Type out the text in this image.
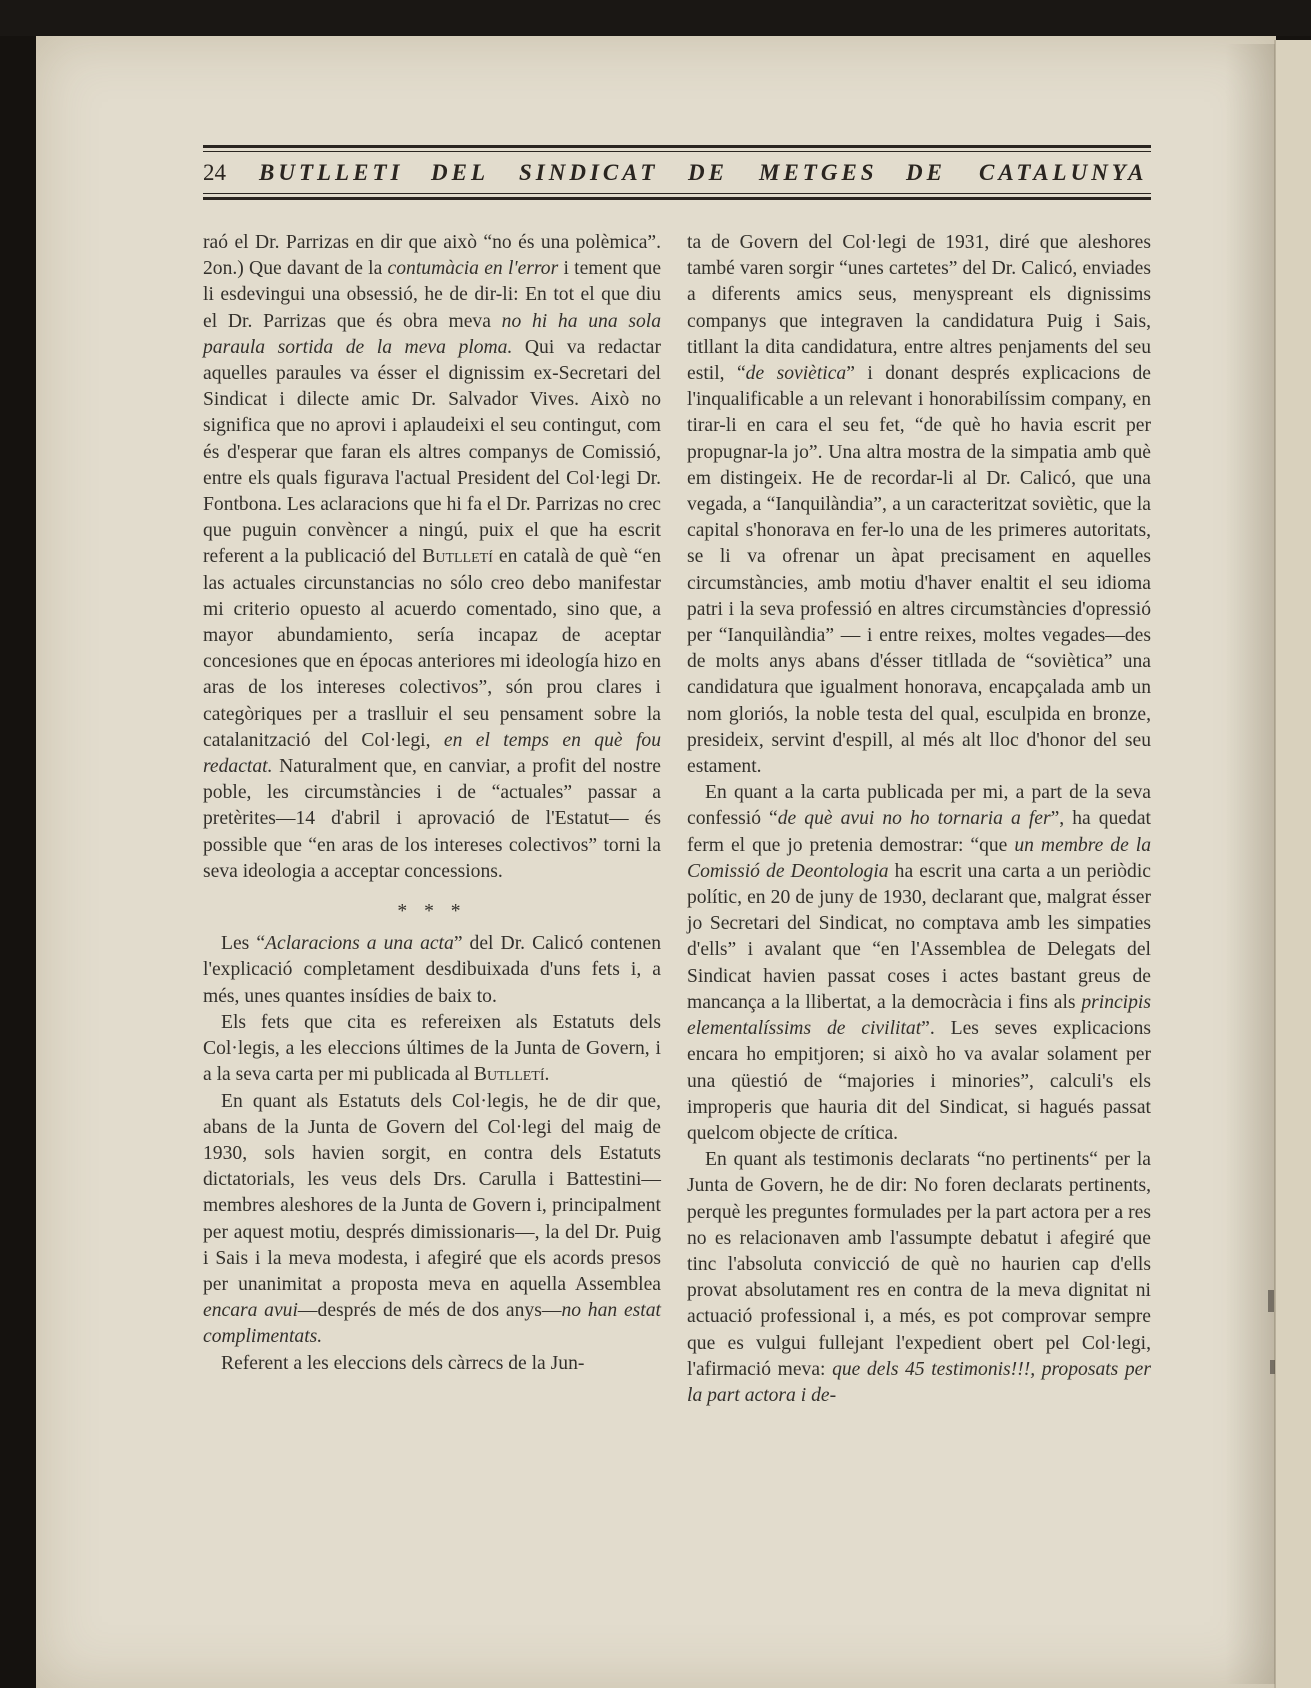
24 BUTLLETI DEL SINDICAT DE METGES DE CATALUNYA

raó el Dr. Parrizas en dir que això “no és una polèmica”. 2on.) Que davant de la contumàcia en l'error i tement que li esdevingui una obsessió, he de dir-li: En tot el que diu el Dr. Parrizas que és obra meva no hi ha una sola paraula sortida de la meva ploma. Qui va redactar aquelles paraules va ésser el dignissim ex-Secretari del Sindicat i dilecte amic Dr. Salvador Vives. Això no significa que no aprovi i aplaudeixi el seu contingut, com és d'esperar que faran els altres companys de Comissió, entre els quals figurava l'actual President del Col·legi Dr. Fontbona. Les aclaracions que hi fa el Dr. Parrizas no crec que puguin convèncer a ningú, puix el que ha escrit referent a la publicació del Butlletí en català de què “en las actuales circunstancias no sólo creo debo manifestar mi criterio opuesto al acuerdo comentado, sino que, a mayor abundamiento, sería incapaz de aceptar concesiones que en épocas anteriores mi ideología hizo en aras de los intereses colectivos”, són prou clares i categòriques per a traslluir el seu pensament sobre la catalanització del Col·legi, en el temps en què fou redactat. Naturalment que, en canviar, a profit del nostre poble, les circumstàncies i de “actuales” passar a pretèrites—14 d'abril i aprovació de l'Estatut— és possible que “en aras de los intereses colectivos” torni la seva ideologia a acceptar concessions.

* * *

Les “Aclaracions a una acta” del Dr. Calicó contenen l'explicació completament desdibuixada d'uns fets i, a més, unes quantes insídies de baix to.

Els fets que cita es refereixen als Estatuts dels Col·legis, a les eleccions últimes de la Junta de Govern, i a la seva carta per mi publicada al Butlletí.

En quant als Estatuts dels Col·legis, he de dir que, abans de la Junta de Govern del Col·legi del maig de 1930, sols havien sorgit, en contra dels Estatuts dictatorials, les veus dels Drs. Carulla i Battestini—membres aleshores de la Junta de Govern i, principalment per aquest motiu, després dimissionaris—, la del Dr. Puig i Sais i la meva modesta, i afegiré que els acords presos per unanimitat a proposta meva en aquella Assemblea encara avui—després de més de dos anys—no han estat complimentats.

Referent a les eleccions dels càrrecs de la Jun-

ta de Govern del Col·legi de 1931, diré que aleshores també varen sorgir “unes cartetes” del Dr. Calicó, enviades a diferents amics seus, menyspreant els dignissims companys que integraven la candidatura Puig i Sais, titllant la dita candidatura, entre altres penjaments del seu estil, “de soviètica” i donant després explicacions de l'inqualificable a un relevant i honorabilíssim company, en tirar-li en cara el seu fet, “de què ho havia escrit per propugnar-la jo”. Una altra mostra de la simpatia amb què em distingeix. He de recordar-li al Dr. Calicó, que una vegada, a “Ianquilàndia”, a un caracteritzat soviètic, que la capital s'honorava en fer-lo una de les primeres autoritats, se li va ofrenar un àpat precisament en aquelles circumstàncies, amb motiu d'haver enaltit el seu idioma patri i la seva professió en altres circumstàncies d'opressió per “Ianquilàndia” — i entre reixes, moltes vegades—des de molts anys abans d'ésser titllada de “soviètica” una candidatura que igualment honorava, encapçalada amb un nom gloriós, la noble testa del qual, esculpida en bronze, presideix, servint d'espill, al més alt lloc d'honor del seu estament.

En quant a la carta publicada per mi, a part de la seva confessió “de què avui no ho tornaria a fer”, ha quedat ferm el que jo pretenia demostrar: “que un membre de la Comissió de Deontologia ha escrit una carta a un periòdic polític, en 20 de juny de 1930, declarant que, malgrat ésser jo Secretari del Sindicat, no comptava amb les simpaties d'ells” i avalant que “en l'Assemblea de Delegats del Sindicat havien passat coses i actes bastant greus de mancança a la llibertat, a la democràcia i fins als principis elementalíssims de civilitat”. Les seves explicacions encara ho empitjoren; si això ho va avalar solament per una qüestió de “majories i minories”, calculi's els improperis que hauria dit del Sindicat, si hagués passat quelcom objecte de crítica.

En quant als testimonis declarats “no pertinents“ per la Junta de Govern, he de dir: No foren declarats pertinents, perquè les preguntes formulades per la part actora per a res no es relacionaven amb l'assumpte debatut i afegiré que tinc l'absoluta convicció de què no haurien cap d'ells provat absolutament res en contra de la meva dignitat ni actuació professional i, a més, es pot comprovar sempre que es vulgui fullejant l'expedient obert pel Col·legi, l'afirmació meva: que dels 45 testimonis!!!, proposats per la part actora i de-
